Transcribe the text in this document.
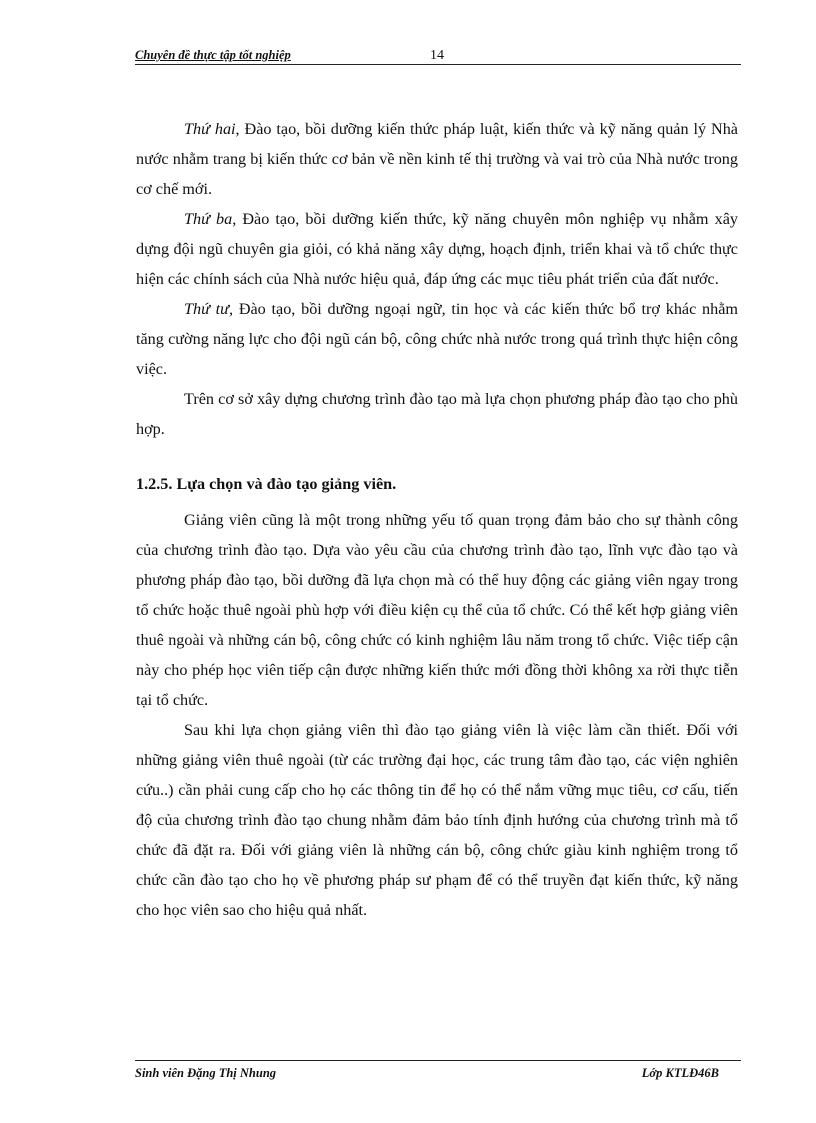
Chuyên đề thực tập tốt nghiệp	14

Thứ hai, Đào tạo, bồi dưỡng kiến thức pháp luật, kiến thức và kỹ năng quản lý Nhà nước nhằm trang bị kiến thức cơ bản về nền kinh tế thị trường và vai trò của Nhà nước trong cơ chế mới.

Thứ ba, Đào tạo, bồi dưỡng kiến thức, kỹ năng chuyên môn nghiệp vụ nhằm xây dựng đội ngũ chuyên gia giỏi, có khả năng xây dựng, hoạch định, triển khai và tổ chức thực hiện các chính sách của Nhà nước hiệu quả, đáp ứng các mục tiêu phát triển của đất nước.

Thứ tư, Đào tạo, bồi dưỡng ngoại ngữ, tin học và các kiến thức bổ trợ khác nhằm tăng cường năng lực cho đội ngũ cán bộ, công chức nhà nước trong quá trình thực hiện công việc.

Trên cơ sở xây dựng chương trình đào tạo mà lựa chọn phương pháp đào tạo cho phù hợp.

1.2.5. Lựa chọn và đào tạo giảng viên.

Giảng viên cũng là một trong những yếu tố quan trọng đảm bảo cho sự thành công của chương trình đào tạo. Dựa vào yêu cầu của chương trình đào tạo, lĩnh vực đào tạo và phương pháp đào tạo, bồi dưỡng đã lựa chọn mà có thể huy động các giảng viên ngay trong tổ chức hoặc thuê ngoài phù hợp với điều kiện cụ thể của tổ chức. Có thể kết hợp giảng viên thuê ngoài và những cán bộ, công chức có kinh nghiệm lâu năm trong tổ chức. Việc tiếp cận này cho phép học viên tiếp cận được những kiến thức mới đồng thời không xa rời thực tiễn tại tổ chức.

Sau khi lựa chọn giảng viên thì đào tạo giảng viên là việc làm cần thiết. Đối với những giảng viên thuê ngoài (từ các trường đại học, các trung tâm đào tạo, các viện nghiên cứu..) cần phải cung cấp cho họ các thông tin để họ có thể nắm vững mục tiêu, cơ cấu, tiến độ của chương trình đào tạo chung nhằm đảm bảo tính định hướng của chương trình mà tổ chức đã đặt ra. Đối với giảng viên là những cán bộ, công chức giàu kinh nghiệm trong tổ chức cần đào tạo cho họ về phương pháp sư phạm để có thể truyền đạt kiến thức, kỹ năng cho học viên sao cho hiệu quả nhất.

Sinh viên Đặng Thị Nhung	Lớp KTLĐ46B
